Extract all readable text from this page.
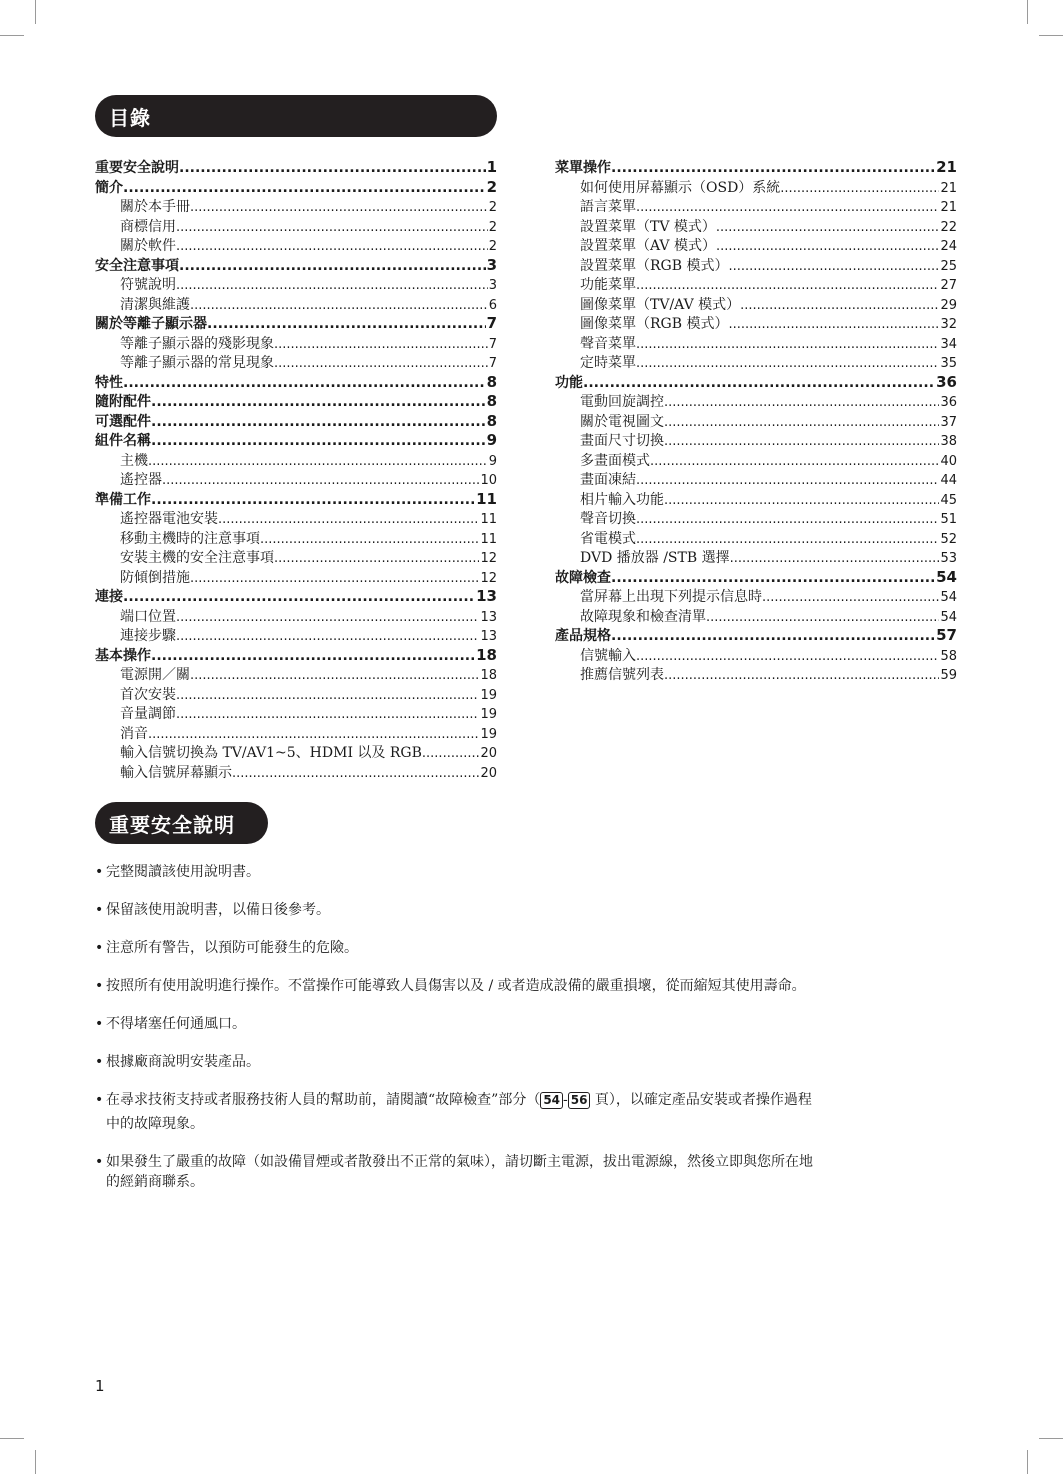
目錄
重要安全說明 .....	1
簡介 .....	2
關於本手冊 .....	2
商標信用 .....	2
關於軟件 .....	2
安全注意事項 .....	3
符號說明 .....	3
清潔與維護 .....	6
關於等離子顯示器 .....	7
等離子顯示器的殘影現象 .....	7
等離子顯示器的常見現象 .....	7
特性 .....	8
隨附配件 .....	8
可選配件 .....	8
組件名稱 .....	9
主機 .....	9
遙控器 .....	10
準備工作 .....	11
遙控器電池安裝 .....	11
移動主機時的注意事項 .....	11
安裝主機的安全注意事項 .....	12
防傾倒措施 .....	12
連接 .....	13
端口位置 .....	13
連接步驟 .....	13
基本操作 .....	18
電源開／關 .....	18
首次安裝 .....	19
音量調節 .....	19
消音 .....	19
輸入信號切換為 TV/AV1~5、HDMI 以及 RGB .....	20
輸入信號屏幕顯示 .....	20
菜單操作 .....	21
如何使用屏幕顯示（OSD）系統 .....	21
語言菜單 .....	21
設置菜單（TV 模式） .....	22
設置菜單（AV 模式） .....	24
設置菜單（RGB 模式） .....	25
功能菜單 .....	27
圖像菜單（TV/AV 模式） .....	29
圖像菜單（RGB 模式） .....	32
聲音菜單 .....	34
定時菜單 .....	35
功能 .....	36
電動回旋調控 .....	36
關於電視圖文 .....	37
畫面尺寸切換 .....	38
多畫面模式 .....	40
畫面凍結 .....	44
相片輸入功能 .....	45
聲音切換 .....	51
省電模式 .....	52
DVD 播放器 /STB 選擇 .....	53
故障檢查 .....	54
當屏幕上出現下列提示信息時 .....	54
故障現象和檢查清單 .....	54
產品規格 .....	57
信號輸入 .....	58
推薦信號列表 .....	59
重要安全說明
• 完整閱讀該使用說明書。
• 保留該使用說明書，以備日後參考。
• 注意所有警告，以預防可能發生的危險。
• 按照所有使用說明進行操作。不當操作可能導致人員傷害以及 / 或者造成設備的嚴重損壞，從而縮短其使用壽命。
• 不得堵塞任何通風口。
• 根據廠商說明安裝產品。
• 在尋求技術支持或者服務技術人員的幫助前，請閱讀“故障檢查”部分（ 54 - 56 頁），以確定產品安裝或者操作過程
中的故障現象。
• 如果發生了嚴重的故障（如設備冒煙或者散發出不正常的氣味），請切斷主電源，拔出電源線，然後立即與您所在地
的經銷商聯系。
1
